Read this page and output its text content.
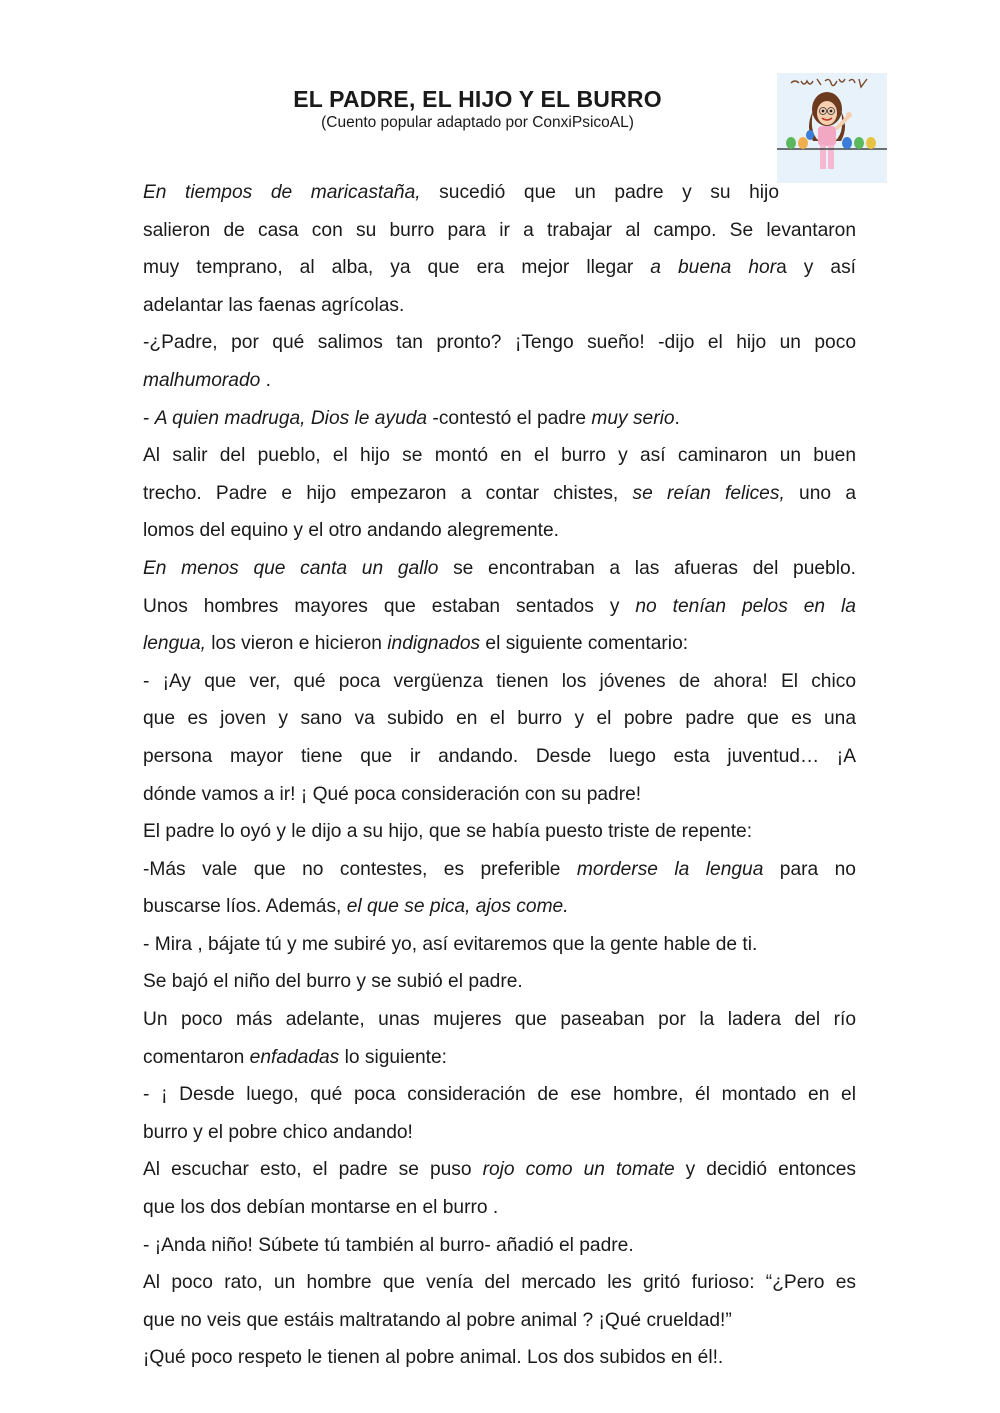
EL PADRE, EL HIJO Y EL BURRO
(Cuento popular adaptado por ConxiPsicoAL)
En tiempos de maricastaña, sucedió que un padre y su hijo
salieron de casa con su burro para ir a trabajar al campo. Se levantaron
muy temprano, al alba, ya que era mejor llegar a buena hora y así
adelantar las faenas agrícolas.
-¿Padre, por qué salimos tan pronto? ¡Tengo sueño! -dijo el hijo un poco
malhumorado .
- A quien madruga, Dios le ayuda -contestó el padre muy serio.
Al salir del pueblo, el hijo se montó en el burro y así caminaron un buen
trecho. Padre e hijo empezaron a contar chistes, se reían felices, uno a
lomos del equino y el otro andando alegremente.
En menos que canta un gallo se encontraban a las afueras del pueblo.
Unos hombres mayores que estaban sentados y no tenían pelos en la
lengua, los vieron e hicieron indignados el siguiente comentario:
- ¡Ay que ver, qué poca vergüenza tienen los jóvenes de ahora! El chico
que es joven y sano va subido en el burro y el pobre padre que es una
persona mayor tiene que ir andando. Desde luego esta juventud… ¡A
dónde vamos a ir! ¡ Qué poca consideración con su padre!
El padre lo oyó y le dijo a su hijo, que se había puesto triste de repente:
-Más vale que no contestes, es preferible morderse la lengua para no
buscarse líos. Además, el que se pica, ajos come.
- Mira , bájate tú y me subiré yo, así evitaremos que la gente hable de ti.
Se bajó el niño del burro y se subió el padre.
Un poco más adelante, unas mujeres que paseaban por la ladera del río
comentaron enfadadas lo siguiente:
- ¡ Desde luego, qué poca consideración de ese hombre, él montado en el
burro y el pobre chico andando!
Al escuchar esto, el padre se puso rojo como un tomate y decidió entonces
que los dos debían montarse en el burro .
- ¡Anda niño! Súbete tú también al burro- añadió el padre.
Al poco rato, un hombre que venía del mercado les gritó furioso: “¿Pero es
que no veis que estáis maltratando al pobre animal ? ¡Qué crueldad!”
¡Qué poco respeto le tienen al pobre animal. Los dos subidos en él!.
